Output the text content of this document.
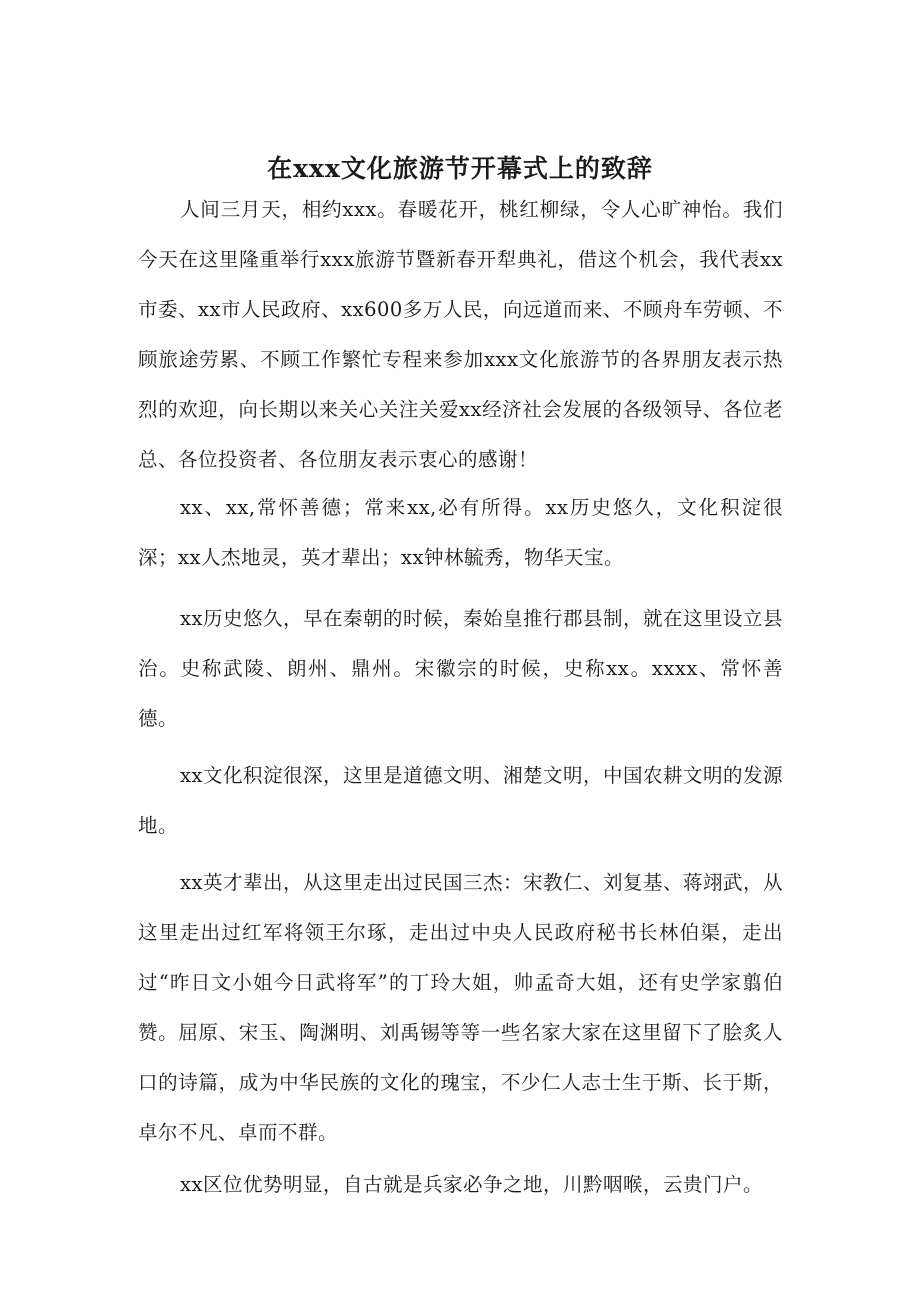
在xxx文化旅游节开幕式上的致辞

人间三月天，相约xxx。春暖花开，桃红柳绿，令人心旷神怡。我们今天在这里隆重举行xxx旅游节暨新春开犁典礼，借这个机会，我代表xx市委、xx市人民政府、xx600多万人民，向远道而来、不顾舟车劳顿、不顾旅途劳累、不顾工作繁忙专程来参加xxx文化旅游节的各界朋友表示热烈的欢迎，向长期以来关心关注关爱xx经济社会发展的各级领导、各位老总、各位投资者、各位朋友表示衷心的感谢！

xx、xx,常怀善德；常来xx,必有所得。xx历史悠久，文化积淀很深；xx人杰地灵，英才辈出；xx钟林毓秀，物华天宝。

xx历史悠久，早在秦朝的时候，秦始皇推行郡县制，就在这里设立县治。史称武陵、朗州、鼎州。宋徽宗的时候，史称xx。xxxx、常怀善德。

xx文化积淀很深，这里是道德文明、湘楚文明，中国农耕文明的发源地。

xx英才辈出，从这里走出过民国三杰：宋教仁、刘复基、蒋翊武，从这里走出过红军将领王尔琢，走出过中央人民政府秘书长林伯渠，走出过“昨日文小姐今日武将军”的丁玲大姐，帅孟奇大姐，还有史学家翦伯赞。屈原、宋玉、陶渊明、刘禹锡等等一些名家大家在这里留下了脍炙人口的诗篇，成为中华民族的文化的瑰宝，不少仁人志士生于斯、长于斯，卓尔不凡、卓而不群。

xx区位优势明显，自古就是兵家必争之地，川黔咽喉，云贵门户。
